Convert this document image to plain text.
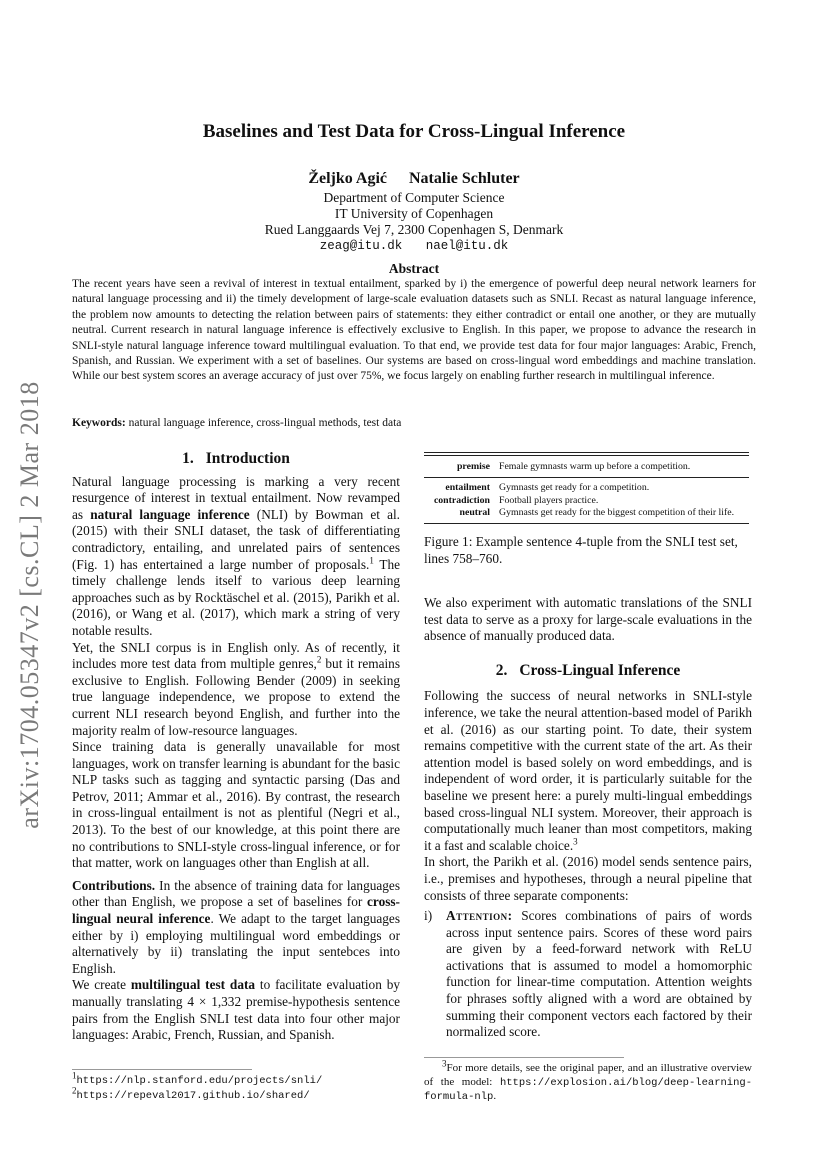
arXiv:1704.05347v2 [cs.CL] 2 Mar 2018
Baselines and Test Data for Cross-Lingual Inference
Željko Agić Natalie Schluter
Department of Computer Science
IT University of Copenhagen
Rued Langgaards Vej 7, 2300 Copenhagen S, Denmark
zeag@itu.dk nael@itu.dk
Abstract
The recent years have seen a revival of interest in textual entailment, sparked by i) the emergence of powerful deep neural network learners for natural language processing and ii) the timely development of large-scale evaluation datasets such as SNLI. Recast as natural language inference, the problem now amounts to detecting the relation between pairs of statements: they either contradict or entail one another, or they are mutually neutral. Current research in natural language inference is effectively exclusive to English. In this paper, we propose to advance the research in SNLI-style natural language inference toward multilingual evaluation. To that end, we provide test data for four major languages: Arabic, French, Spanish, and Russian. We experiment with a set of baselines. Our systems are based on cross-lingual word embeddings and machine translation. While our best system scores an average accuracy of just over 75%, we focus largely on enabling further research in multilingual inference.
Keywords: natural language inference, cross-lingual methods, test data
1. Introduction

Natural language processing is marking a very recent resurgence of interest in textual entailment. Now revamped as natural language inference (NLI) by Bowman et al. (2015) with their SNLI dataset, the task of differentiating contradictory, entailing, and unrelated pairs of sentences (Fig. 1) has entertained a large number of proposals.$^1$ The timely challenge lends itself to various deep learning approaches such as by Rocktäschel et al. (2015), Parikh et al. (2016), or Wang et al. (2017), which mark a string of very notable results.

Yet, the SNLI corpus is in English only. As of recently, it includes more test data from multiple genres,$^2$ but it remains exclusive to English. Following Bender (2009) in seeking true language independence, we propose to extend the current NLI research beyond English, and further into the majority realm of low-resource languages.

Since training data is generally unavailable for most languages, work on transfer learning is abundant for the basic NLP tasks such as tagging and syntactic parsing (Das and Petrov, 2011; Ammar et al., 2016). By contrast, the research in cross-lingual entailment is not as plentiful (Negri et al., 2013). To the best of our knowledge, at this point there are no contributions to SNLI-style cross-lingual inference, or for that matter, work on languages other than English at all.

Contributions. In the absence of training data for languages other than English, we propose a set of baselines for cross-lingual neural inference. We adapt to the target languages either by i) employing multilingual word embeddings or alternatively by ii) translating the input sentebces into English.

We create multilingual test data to facilitate evaluation by manually translating 4 × 1,332 premise-hypothesis sentence pairs from the English SNLI test data into four other major languages: Arabic, French, Russian, and Spanish.

$^1$https://nlp.stanford.edu/projects/snli/
$^2$https://repeval2017.github.io/shared/
premise	Female gymnasts warm up before a competition.
entailment	Gymnasts get ready for a competition.
contradiction	Football players practice.
neutral	Gymnasts get ready for the biggest competition of their life.
Figure 1: Example sentence 4-tuple from the SNLI test set, lines 758–760.

We also experiment with automatic translations of the SNLI test data to serve as a proxy for large-scale evaluations in the absence of manually produced data.

2. Cross-Lingual Inference

Following the success of neural networks in SNLI-style inference, we take the neural attention-based model of Parikh et al. (2016) as our starting point. To date, their system remains competitive with the current state of the art. As their attention model is based solely on word embeddings, and is independent of word order, it is particularly suitable for the baseline we present here: a purely multi-lingual embeddings based cross-lingual NLI system. Moreover, their approach is computationally much leaner than most competitors, making it a fast and scalable choice.$^3$

In short, the Parikh et al. (2016) model sends sentence pairs, i.e., premises and hypotheses, through a neural pipeline that consists of three separate components:

i) Attention: Scores combinations of pairs of words across input sentence pairs. Scores of these word pairs are given by a feed-forward network with ReLU activations that is assumed to model a homomorphic function for linear-time computation. Attention weights for phrases softly aligned with a word are obtained by summing their component vectors each factored by their normalized score.
$^3$For more details, see the original paper, and an illustrative overview of the model: https://explosion.ai/blog/deep-learning-formula-nlp.
